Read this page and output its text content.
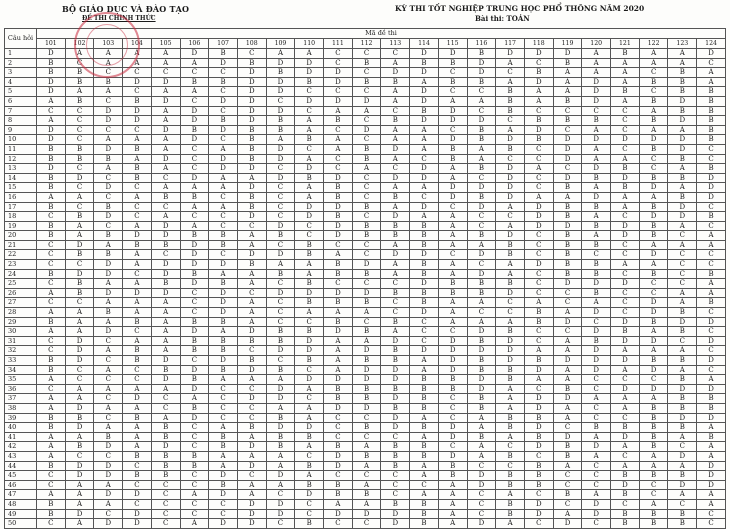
BỘ GIÁO DỤC VÀ ĐÀO TẠO
ĐỀ THI CHÍNH THỨC
KỲ THI TỐT NGHIỆP TRUNG HỌC PHỔ THÔNG NĂM 2020
Bài thi: TOÁN
Câu hỏi	Mã đề thi																							
	101	102	103	104	105	106	107	108	109	110	111	112	113	114	115	116	117	118	119	120	121	122	123	124
1	D	A	A	A	A	D	B	C	A	A	C	C	C	D	D	B	D	D	D	A	B	A	A	D
2	B	C	A	A	A	A	D	B	D	D	C	B	A	B	B	D	A	C	B	A	A	A	A	C
3	B	B	C	C	C	C	C	D	B	D	D	C	D	D	C	D	C	B	A	A	A	C	B	A
4	D	B	B	D	D	B	B	D	D	B	D	B	B	A	B	B	A	D	A	D	A	B	B	A
5	D	A	A	C	A	A	C	D	D	C	C	C	A	D	C	C	B	A	A	D	B	C	B	B
6	A	B	C	B	D	C	D	D	C	D	D	D	A	D	A	A	B	A	B	D	A	B	D	B
7	C	C	D	D	A	D	C	D	D	C	A	A	C	B	D	C	B	C	C	C	C	A	B	B
8	A	C	D	D	A	D	B	D	B	A	B	C	B	D	D	D	C	B	B	B	C	B	D	B
9	D	C	C	C	D	B	D	B	B	A	C	D	A	A	C	B	A	D	C	A	C	A	A	B
10	D	C	A	A	A	D	C	B	A	B	A	C	A	A	D	B	D	B	D	D	D	D	D	B
11	B	B	D	B	A	C	A	B	D	C	A	B	D	A	B	A	B	C	D	A	C	B	D	C
12	B	B	B	A	D	C	D	B	D	A	C	B	A	C	B	A	C	C	D	A	A	C	B	C
13	D	C	A	B	A	C	D	D	C	D	C	A	C	D	A	B	D	A	C	D	B	C	A	B
14	B	D	C	B	C	D	A	A	D	B	D	C	D	D	A	C	D	C	D	B	D	B	B	D
15	B	C	D	C	A	A	A	D	C	A	B	C	A	A	D	D	D	C	B	A	B	D	A	D
16	A	A	C	A	B	B	C	B	C	A	B	C	B	C	D	B	D	A	A	D	A	A	B	D
17	B	C	B	C	C	A	A	B	C	D	D	B	A	D	C	D	A	D	B	B	A	B	D	C
18	C	B	D	C	A	C	C	D	C	D	B	C	D	A	A	C	C	D	B	A	C	D	D	B
19	B	A	C	A	D	A	C	C	D	C	D	B	B	B	A	C	A	D	D	B	D	B	A	C
20	B	A	B	D	D	B	B	A	B	C	D	B	B	B	A	B	D	C	B	A	D	B	C	A
21	C	D	A	B	B	D	B	A	C	B	C	C	A	B	A	A	B	C	B	B	C	A	A	A
22	C	B	B	A	C	D	C	D	D	B	A	C	D	D	C	D	B	C	B	C	C	D	C	C
23	C	C	D	A	D	D	D	B	A	A	B	D	A	B	A	C	A	D	B	B	A	A	C	C
24	B	D	D	C	D	B	A	A	B	A	B	B	A	B	A	D	A	C	B	B	C	B	C	B
25	C	B	A	A	B	D	B	A	C	B	C	C	C	D	B	B	B	C	D	D	D	C	C	A
26	A	B	D	D	D	C	D	C	D	D	D	D	B	B	B	B	D	C	C	B	C	C	A	A
27	C	C	A	A	A	C	D	A	C	B	B	B	C	B	A	A	C	A	C	A	C	D	A	B
28	A	A	B	A	A	C	D	A	C	A	A	A	C	D	A	C	C	B	A	D	C	D	B	C
29	B	A	A	B	A	B	B	A	C	C	B	C	B	C	A	A	A	B	D	C	D	B	D	D
30	A	A	D	C	A	D	A	D	B	B	D	B	A	C	C	D	B	C	C	D	B	A	B	C
31	C	D	C	A	A	B	B	B	B	D	A	A	D	C	D	B	D	C	A	B	D	D	C	D
32	C	D	A	B	A	B	B	C	D	D	A	D	B	D	D	D	D	A	A	D	A	A	A	C
33	B	D	C	B	D	C	D	B	C	B	A	B	B	A	D	B	D	B	D	D	D	B	B	D
34	B	C	A	C	B	D	B	D	B	C	A	D	D	A	D	B	B	D	A	D	A	D	A	C
35	A	C	C	C	D	B	A	A	A	D	D	D	D	B	B	D	B	A	A	C	C	C	B	A
36	C	A	A	A	A	D	C	C	D	A	B	B	B	B	B	D	A	C	B	C	D	D	D	D
37	A	A	C	D	C	A	C	D	D	C	B	B	D	B	C	B	A	D	D	A	A	A	B	B
38	A	D	A	A	C	B	C	C	A	A	D	D	B	B	C	B	A	D	A	C	A	B	B	B
39	B	B	C	B	A	D	C	C	B	A	C	C	D	A	C	A	B	B	A	C	C	B	D	D
40	B	D	A	A	B	C	A	B	D	D	C	B	D	B	D	A	B	D	C	B	B	B	B	A
41	A	A	B	A	B	C	B	A	B	B	C	C	C	A	D	B	A	B	D	A	D	B	A	B
42	A	B	D	A	D	C	B	D	B	A	B	A	B	B	C	A	C	D	B	D	A	B	C	A
43	A	C	C	B	B	B	A	A	A	C	D	B	B	B	D	A	B	C	B	A	C	A	D	A
44	B	D	D	C	B	B	A	D	A	B	D	A	B	A	B	C	C	B	A	C	A	A	A	D
45	C	D	D	B	B	C	D	C	D	A	C	C	C	A	B	D	B	B	C	C	B	B	B	D
46	C	A	A	C	C	C	B	A	A	B	B	A	C	C	A	D	B	B	C	C	D	C	D	D
47	A	A	D	D	C	A	D	A	C	D	B	B	C	A	A	C	A	C	B	A	B	C	A	A
48	B	A	A	C	C	C	C	D	D	C	A	A	B	B	A	C	B	D	C	D	C	A	C	A
49	B	D	C	D	C	C	C	D	D	C	D	D	D	B	A	C	B	D	A	D	B	B	B	C
50	C	A	D	D	C	A	D	D	C	B	C	C	D	B	A	D	A	C	D	C	B	B	B	C
